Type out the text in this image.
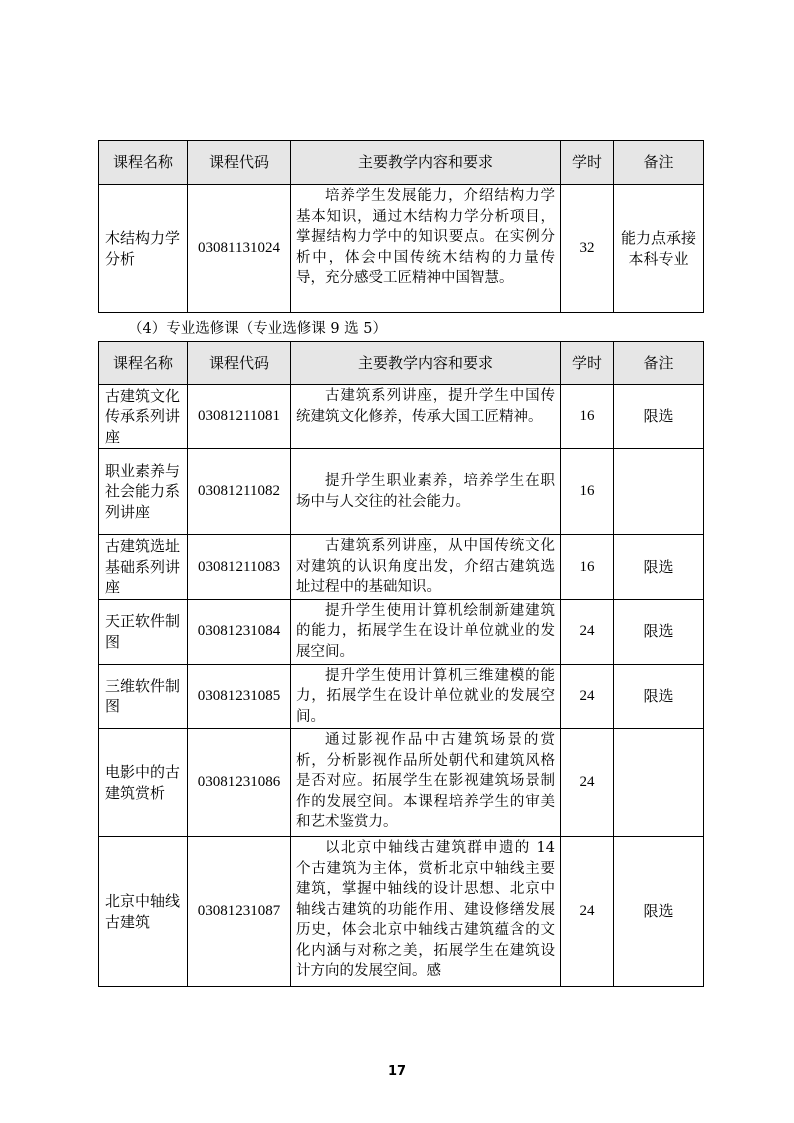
课程名称	课程代码	主要教学内容和要求	学时	备注
木结构力学分析	03081131024	培养学生发展能力，介绍结构力学基本知识，通过木结构力学分析项目，掌握结构力学中的知识要点。在实例分析中，体会中国传统木结构的力量传导，充分感受工匠精神中国智慧。	32	能力点承接本科专业
（4）专业选修课（专业选修课 9 选 5）
课程名称	课程代码	主要教学内容和要求	学时	备注
古建筑文化传承系列讲座	03081211081	古建筑系列讲座，提升学生中国传统建筑文化修养，传承大国工匠精神。	16	限选
职业素养与社会能力系列讲座	03081211082	提升学生职业素养，培养学生在职场中与人交往的社会能力。	16	
古建筑选址基础系列讲座	03081211083	古建筑系列讲座，从中国传统文化对建筑的认识角度出发，介绍古建筑选址过程中的基础知识。	16	限选
天正软件制图	03081231084	提升学生使用计算机绘制新建建筑的能力，拓展学生在设计单位就业的发展空间。	24	限选
三维软件制图	03081231085	提升学生使用计算机三维建模的能力，拓展学生在设计单位就业的发展空间。	24	限选
电影中的古建筑赏析	03081231086	通过影视作品中古建筑场景的赏析，分析影视作品所处朝代和建筑风格是否对应。拓展学生在影视建筑场景制作的发展空间。本课程培养学生的审美和艺术鉴赏力。	24	
北京中轴线古建筑	03081231087	以北京中轴线古建筑群申遗的 14 个古建筑为主体，赏析北京中轴线主要建筑，掌握中轴线的设计思想、北京中轴线古建筑的功能作用、建设修缮发展历史，体会北京中轴线古建筑蕴含的文化内涵与对称之美，拓展学生在建筑设计方向的发展空间。感	24	限选
17
